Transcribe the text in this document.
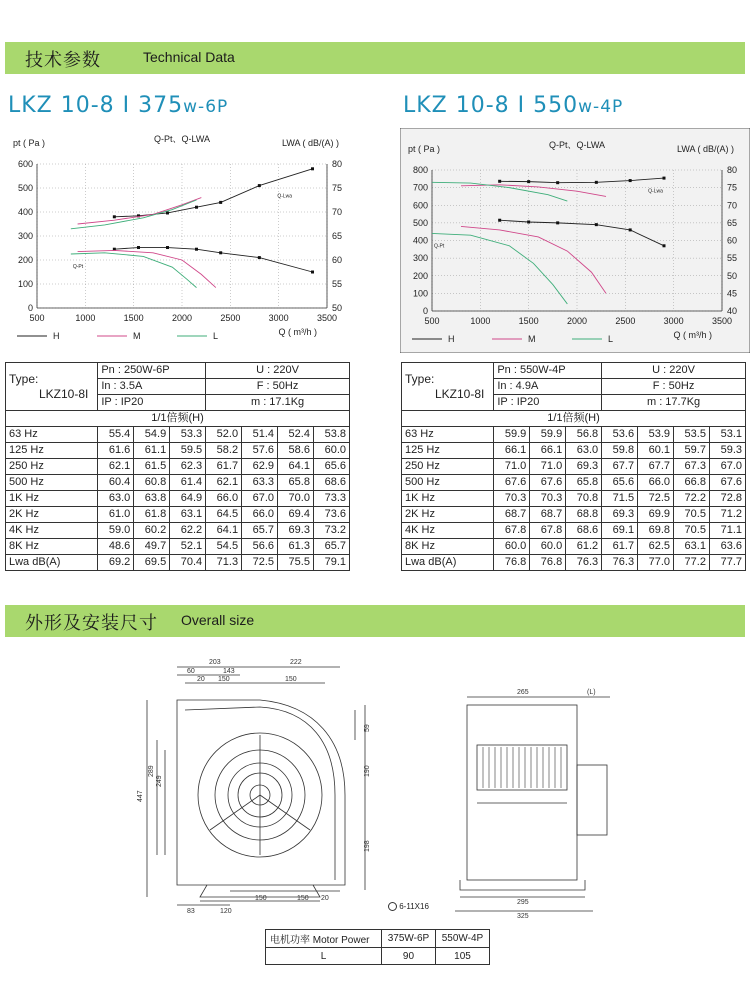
技术参数	Technical Data
LKZ 10-8 I 375w-6P	LKZ 10-8 I 550w-4P
0
100
200
300
400
500
600
50
55
60
65
70
75
80
500	1000	1500	2000	2500	3000	3500
pt ( Pa )	LWA ( dB/(A) )
Q-Pt、Q-LWA
Q ( m³/h )
Q-Lwa
Q-Pt
H	M	L
0
100
200
300
400
500
600
700
800
40
45
50
55
60
65
70
75
80
500	1000	1500	2000	2500	3000	3500
pt ( Pa )	LWA ( dB/(A) )
Q-Pt、Q-LWA
Q ( m³/h )
Q-Lwa
Q-Pt
H	M	L
Type:
LKZ10-8I	Pn : 250W-6P			U : 220V			
	In : 3.5A			F : 50Hz			
	IP : IP20			m : 17.1Kg			
1/1倍频(H)							
63 Hz	55.4	54.9	53.3	52.0	51.4	52.4	53.8
125 Hz	61.6	61.1	59.5	58.2	57.6	58.6	60.0
250 Hz	62.1	61.5	62.3	61.7	62.9	64.1	65.6
500 Hz	60.4	60.8	61.4	62.1	63.3	65.8	68.6
1K Hz	63.0	63.8	64.9	66.0	67.0	70.0	73.3
2K Hz	61.0	61.8	63.1	64.5	66.0	69.4	73.6
4K Hz	59.0	60.2	62.2	64.1	65.7	69.3	73.2
8K Hz	48.6	49.7	52.1	54.5	56.6	61.3	65.7
Lwa dB(A)	69.2	69.5	70.4	71.3	72.5	75.5	79.1
Type:
LKZ10-8I	Pn : 550W-4P			U : 220V			
	In : 4.9A			F : 50Hz			
	IP : IP20			m : 17.7Kg			
1/1倍频(H)							
63 Hz	59.9	59.9	56.8	53.6	53.9	53.5	53.1
125 Hz	66.1	66.1	63.0	59.8	60.1	59.7	59.3
250 Hz	71.0	71.0	69.3	67.7	67.7	67.3	67.0
500 Hz	67.6	67.6	65.8	65.6	66.0	66.8	67.6
1K Hz	70.3	70.3	70.8	71.5	72.5	72.2	72.8
2K Hz	68.7	68.7	68.8	69.3	69.9	70.5	71.2
4K Hz	67.8	67.8	68.6	69.1	69.8	70.5	71.1
8K Hz	60.0	60.0	61.2	61.7	62.5	63.1	63.6
Lwa dB(A)	76.8	76.8	76.3	76.3	77.0	77.2	77.7
外形及安装尺寸 Overall size
203	222
60	143
20 150	150
447
289
249
59
190
198
83	120
150	150 20
265	(L)
295
325
6-11X16
电机功率 Motor Power	375W-6P	550W-4P
L	90	105
